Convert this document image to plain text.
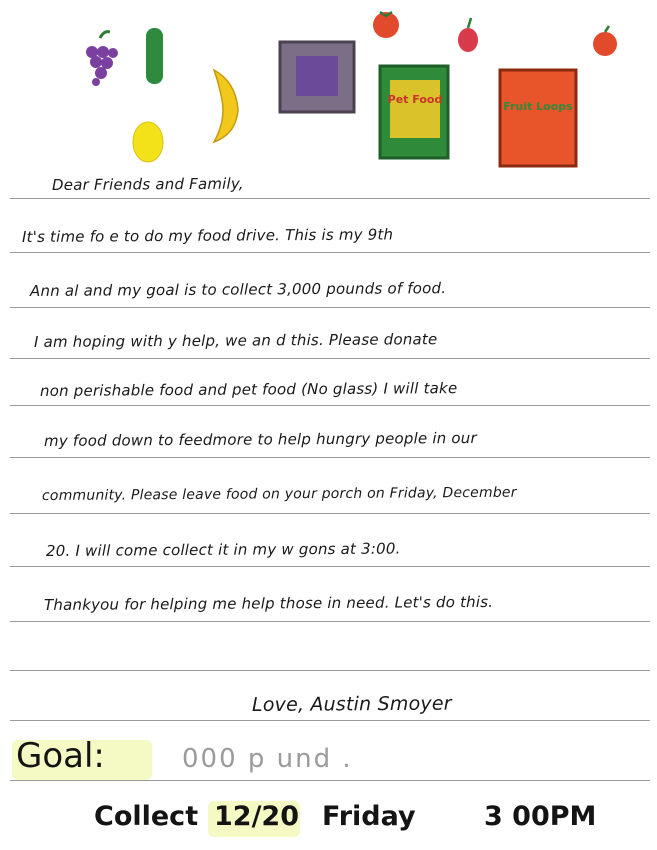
Pet Food
Fruit Loops
Dear Friends and Family,
It's time fo e to do my food drive. This is my 9th
Ann al and my goal is to collect 3,000 pounds of food.
I am hoping with y help, we an d this. Please donate
non perishable food and pet food (No glass) I will take
my food down to feedmore to help hungry people in our
community. Please leave food on your porch on Friday, December
20. I will come collect it in my w gons at 3:00.
Thankyou for helping me help those in need. Let's do this.
Love, Austin Smoyer
Goal:	000 p und .
Collect 12/20 Friday	3 00PM
